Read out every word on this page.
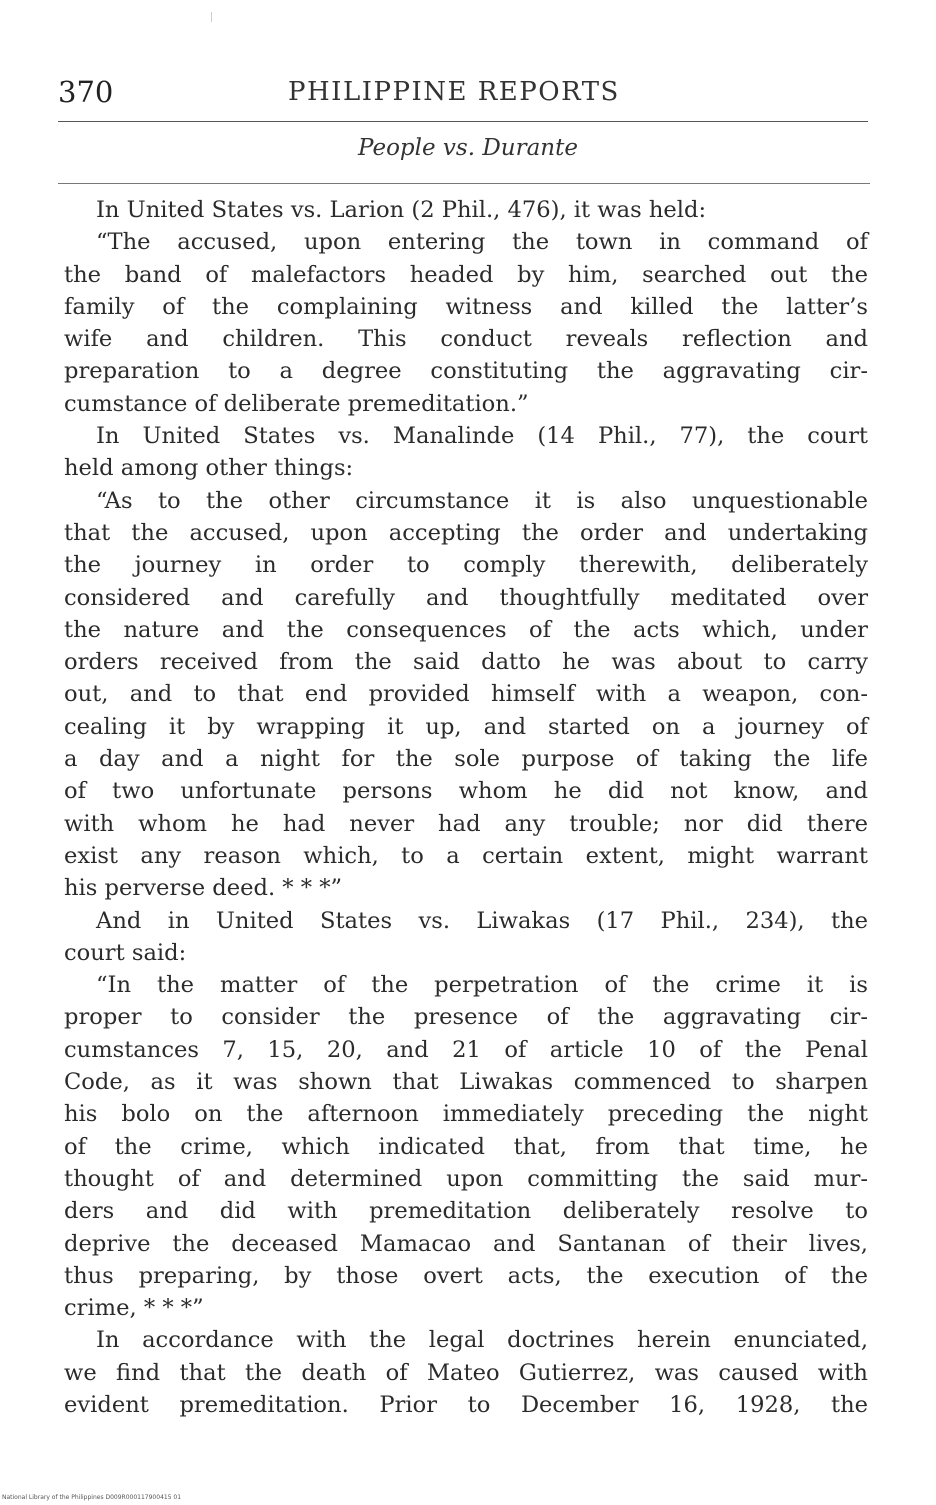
370	PHILIPPINE REPORTS
People vs. Durante
In United States vs. Larion (2 Phil., 476), it was held:
“The accused, upon entering the town in command of
the band of malefactors headed by him, searched out the
family of the complaining witness and killed the latter’s
wife and children. This conduct reveals reflection and
preparation to a degree constituting the aggravating cir-
cumstance of deliberate premeditation.”
In United States vs. Manalinde (14 Phil., 77), the court
held among other things:
“As to the other circumstance it is also unquestionable
that the accused, upon accepting the order and undertaking
the journey in order to comply therewith, deliberately
considered and carefully and thoughtfully meditated over
the nature and the consequences of the acts which, under
orders received from the said datto he was about to carry
out, and to that end provided himself with a weapon, con-
cealing it by wrapping it up, and started on a journey of
a day and a night for the sole purpose of taking the life
of two unfortunate persons whom he did not know, and
with whom he had never had any trouble; nor did there
exist any reason which, to a certain extent, might warrant
his perverse deed. * * *”
And in United States vs. Liwakas (17 Phil., 234), the
court said:
“In the matter of the perpetration of the crime it is
proper to consider the presence of the aggravating cir-
cumstances 7, 15, 20, and 21 of article 10 of the Penal
Code, as it was shown that Liwakas commenced to sharpen
his bolo on the afternoon immediately preceding the night
of the crime, which indicated that, from that time, he
thought of and determined upon committing the said mur-
ders and did with premeditation deliberately resolve to
deprive the deceased Mamacao and Santanan of their lives,
thus preparing, by those overt acts, the execution of the
crime, * * *”
In accordance with the legal doctrines herein enunciated,
we find that the death of Mateo Gutierrez, was caused with
evident premeditation. Prior to December 16, 1928, the
National Library of the Philippines D009R000117900415 01
